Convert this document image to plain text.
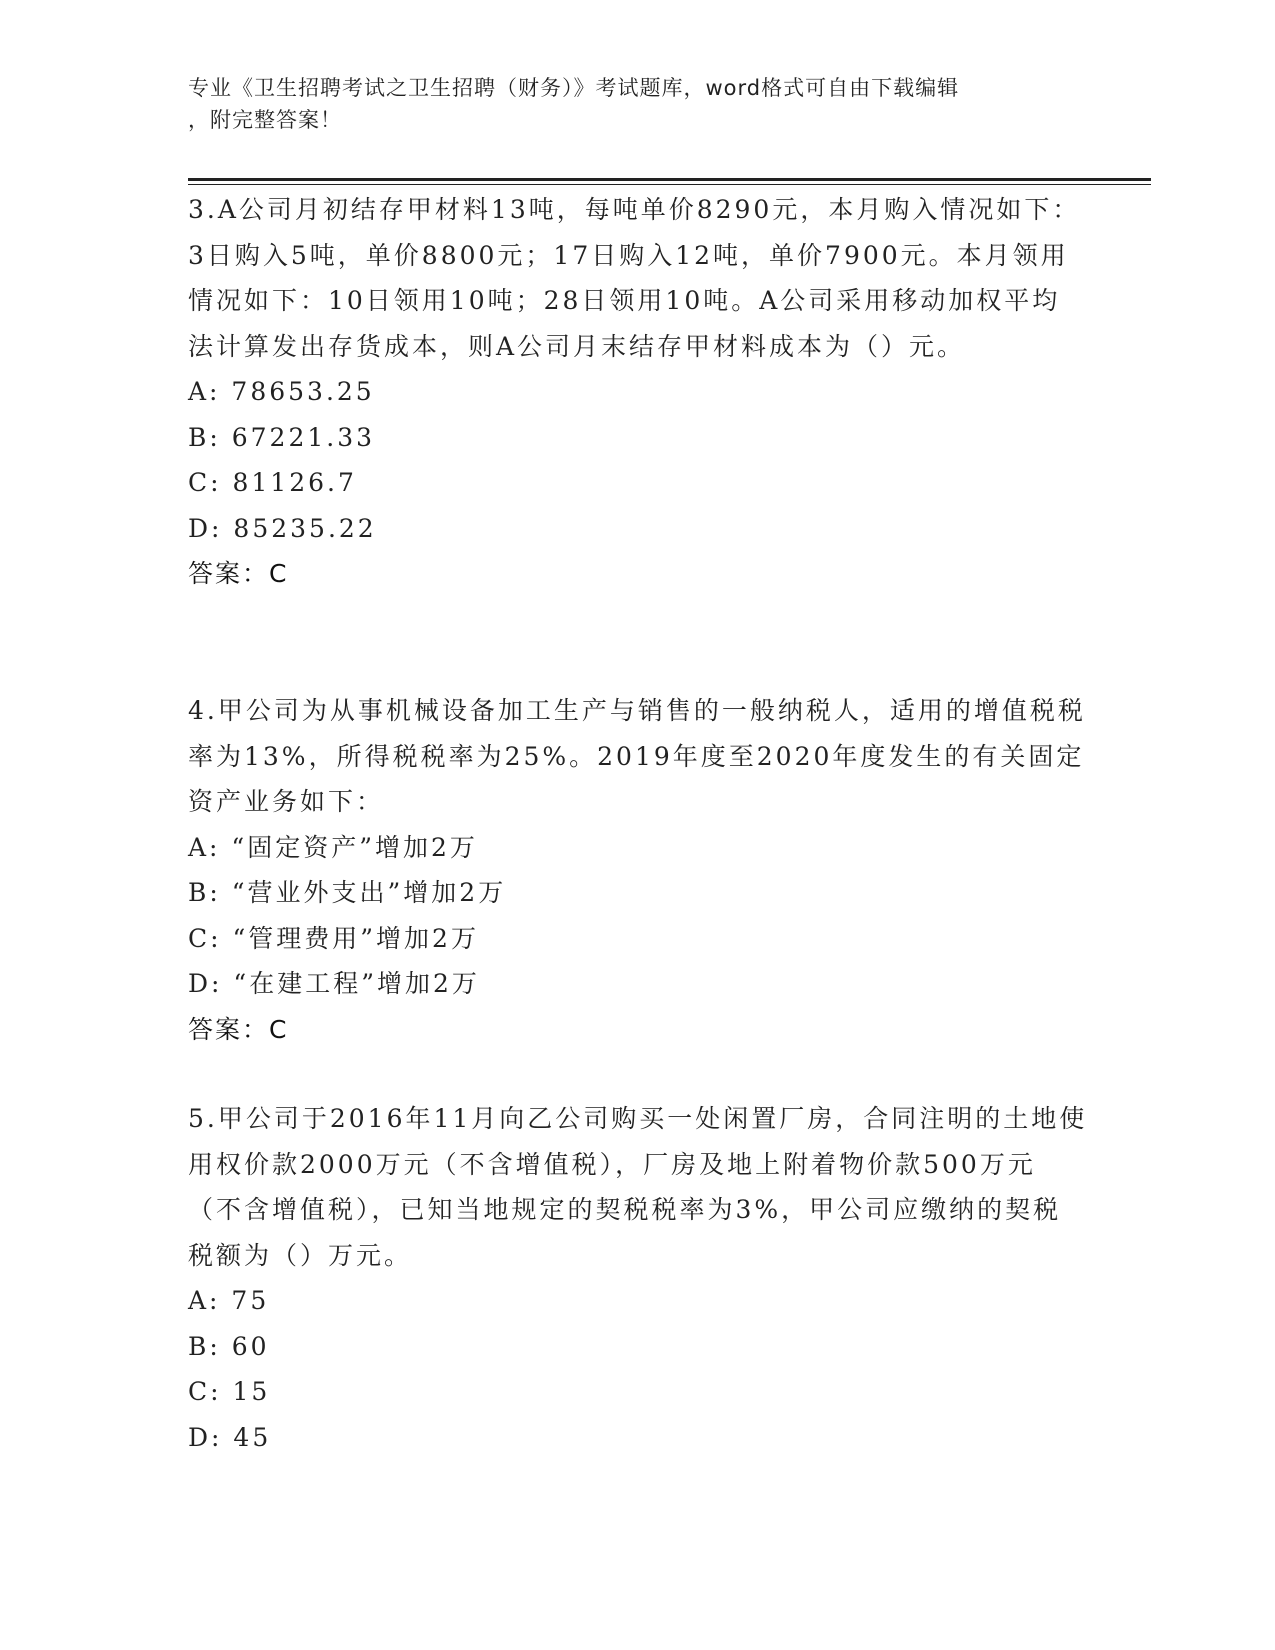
专业《卫生招聘考试之卫生招聘（财务）》考试题库，word格式可自由下载编辑
，附完整答案！

3.A公司月初结存甲材料13吨，每吨单价8290元，本月购入情况如下：3日购入5吨，单价8800元；17日购入12吨，单价7900元。本月领用情况如下：10日领用10吨；28日领用10吨。A公司采用移动加权平均法计算发出存货成本，则A公司月末结存甲材料成本为（）元。

A: 78653.25

B: 67221.33

C: 81126.7

D: 85235.22

答案：C

4.甲公司为从事机械设备加工生产与销售的一般纳税人，适用的增值税税率为13%，所得税税率为25%。2019年度至2020年度发生的有关固定资产业务如下：

A: “固定资产”增加2万

B: “营业外支出”增加2万

C: “管理费用”增加2万

D: “在建工程”增加2万

答案：C

5.甲公司于2016年11月向乙公司购买一处闲置厂房，合同注明的土地使用权价款2000万元（不含增值税），厂房及地上附着物价款500万元（不含增值税），已知当地规定的契税税率为3%，甲公司应缴纳的契税税额为（）万元。

A: 75

B: 60

C: 15

D: 45
